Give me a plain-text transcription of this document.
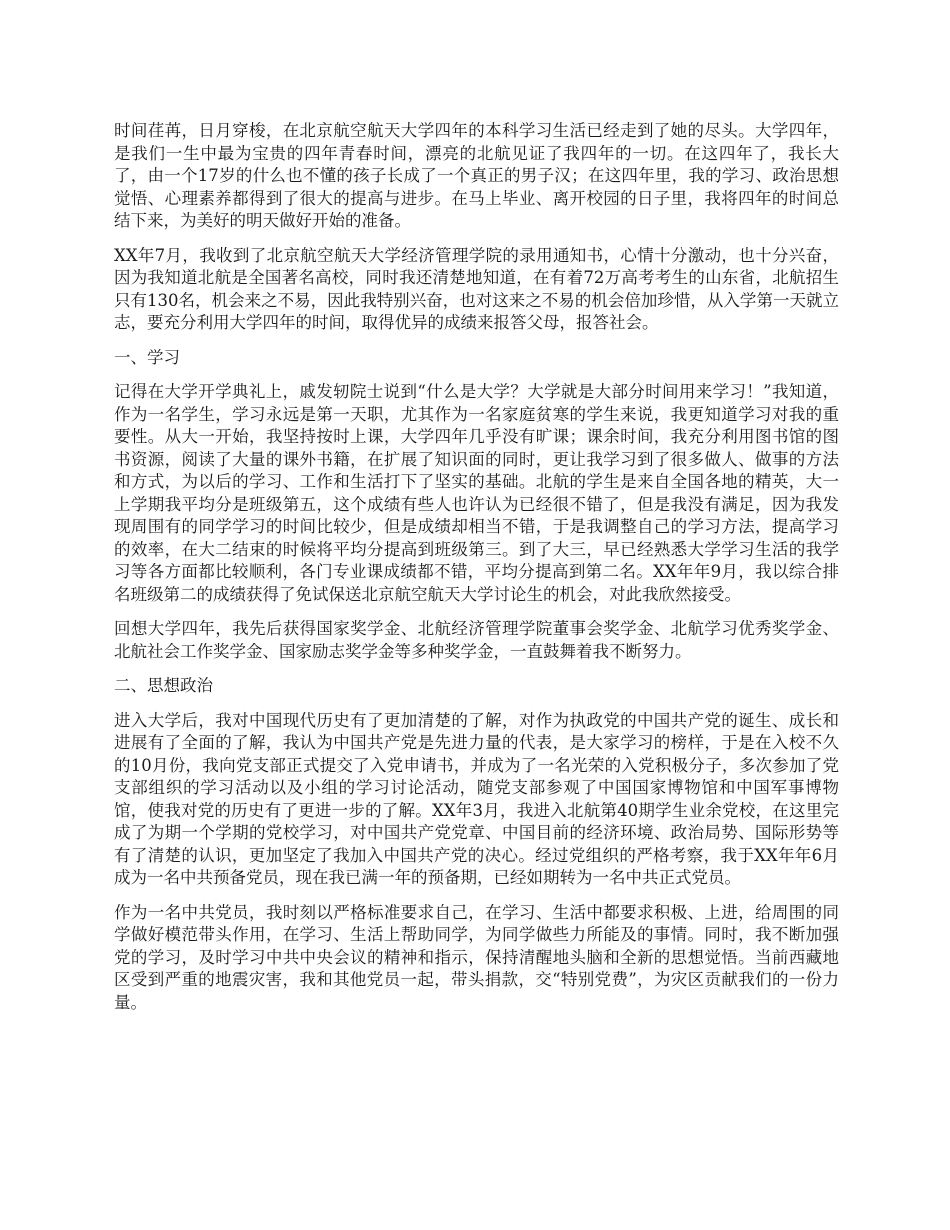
时间荏苒，日月穿梭，在北京航空航天大学四年的本科学习生活已经走到了她的尽头。大学四年，是我们一生中最为宝贵的四年青春时间，漂亮的北航见证了我四年的一切。在这四年了，我长大了，由一个17岁的什么也不懂的孩子长成了一个真正的男子汉；在这四年里，我的学习、政治思想觉悟、心理素养都得到了很大的提高与进步。在马上毕业、离开校园的日子里，我将四年的时间总结下来，为美好的明天做好开始的准备。

XX年7月，我收到了北京航空航天大学经济管理学院的录用通知书，心情十分激动，也十分兴奋，因为我知道北航是全国著名高校，同时我还清楚地知道，在有着72万高考考生的山东省，北航招生只有130名，机会来之不易，因此我特别兴奋，也对这来之不易的机会倍加珍惜，从入学第一天就立志，要充分利用大学四年的时间，取得优异的成绩来报答父母，报答社会。

一、学习

记得在大学开学典礼上，戚发轫院士说到“什么是大学？大学就是大部分时间用来学习！”我知道，作为一名学生，学习永远是第一天职，尤其作为一名家庭贫寒的学生来说，我更知道学习对我的重要性。从大一开始，我坚持按时上课，大学四年几乎没有旷课；课余时间，我充分利用图书馆的图书资源，阅读了大量的课外书籍，在扩展了知识面的同时，更让我学习到了很多做人、做事的方法和方式，为以后的学习、工作和生活打下了坚实的基础。北航的学生是来自全国各地的精英，大一上学期我平均分是班级第五，这个成绩有些人也许认为已经很不错了，但是我没有满足，因为我发现周围有的同学学习的时间比较少，但是成绩却相当不错，于是我调整自己的学习方法，提高学习的效率，在大二结束的时候将平均分提高到班级第三。到了大三，早已经熟悉大学学习生活的我学习等各方面都比较顺利，各门专业课成绩都不错，平均分提高到第二名。XX年年9月，我以综合排名班级第二的成绩获得了免试保送北京航空航天大学讨论生的机会，对此我欣然接受。

回想大学四年，我先后获得国家奖学金、北航经济管理学院董事会奖学金、北航学习优秀奖学金、北航社会工作奖学金、国家励志奖学金等多种奖学金，一直鼓舞着我不断努力。

二、思想政治

进入大学后，我对中国现代历史有了更加清楚的了解，对作为执政党的中国共产党的诞生、成长和进展有了全面的了解，我认为中国共产党是先进力量的代表，是大家学习的榜样，于是在入校不久的10月份，我向党支部正式提交了入党申请书，并成为了一名光荣的入党积极分子，多次参加了党支部组织的学习活动以及小组的学习讨论活动，随党支部参观了中国国家博物馆和中国军事博物馆，使我对党的历史有了更进一步的了解。XX年3月，我进入北航第40期学生业余党校，在这里完成了为期一个学期的党校学习，对中国共产党党章、中国目前的经济环境、政治局势、国际形势等有了清楚的认识，更加坚定了我加入中国共产党的决心。经过党组织的严格考察，我于XX年年6月成为一名中共预备党员，现在我已满一年的预备期，已经如期转为一名中共正式党员。

作为一名中共党员，我时刻以严格标准要求自己，在学习、生活中都要求积极、上进，给周围的同学做好模范带头作用，在学习、生活上帮助同学，为同学做些力所能及的事情。同时，我不断加强党的学习，及时学习中共中央会议的精神和指示，保持清醒地头脑和全新的思想觉悟。当前西藏地区受到严重的地震灾害，我和其他党员一起，带头捐款，交“特别党费”，为灾区贡献我们的一份力量。
